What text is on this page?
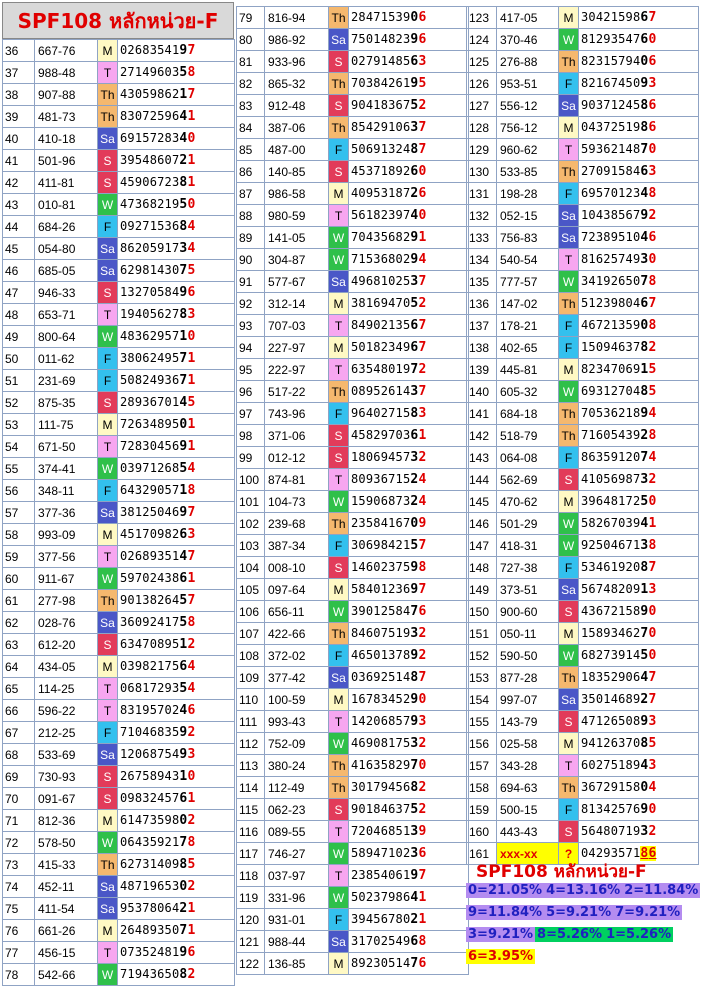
SPF108 หลักหน่วย-F
36	667-76	M	0268354197
37	988-48	T	2714960358
38	907-88	Th	4305986217
39	481-73	Th	8307259641
40	410-18	Sa	6915728340
41	501-96	S	3954860721
42	411-81	S	4590672381
43	010-81	W	4736821950
44	684-26	F	0927153684
45	054-80	Sa	8620591734
46	685-05	Sa	6298143075
47	946-33	S	1327058496
48	653-71	T	1940562783
49	800-64	W	4836295710
50	011-62	F	3806249571
51	231-69	F	5082493671
52	875-35	S	2893670145
53	111-75	M	7263489501
54	671-50	T	7283045691
55	374-41	W	0397126854
56	348-11	F	6432905718
57	377-36	Sa	3812504697
58	993-09	M	4517098263
59	377-56	T	0268935147
60	911-67	W	5970243861
61	277-98	Th	9013826457
62	028-76	Sa	3609241758
63	612-20	S	6347089512
64	434-05	M	0398217564
65	114-25	T	0681729354
66	596-22	T	8319570246
67	212-25	F	7104683592
68	533-69	Sa	1206875493
69	730-93	S	2675894310
70	091-67	S	0983245761
71	812-36	M	6147359802
72	578-50	W	0643592178
73	415-33	Th	6273140985
74	452-11	Sa	4871965302
75	411-54	Sa	9537806421
76	661-26	M	2648935071
77	456-15	T	0735248196
78	542-66	W	7194365082
79	816-94	Th	2847153906
80	986-92	Sa	7501482396
81	933-96	S	0279148563
82	865-32	Th	7038426195
83	912-48	S	9041836752
84	387-06	Th	8542910637
85	487-00	F	5069132487
86	140-85	S	4537189260
87	986-58	M	4095318726
88	980-59	T	5618239740
89	141-05	W	7043568291
90	304-87	W	7153680294
91	577-67	Sa	4968102537
92	312-14	M	3816947052
93	707-03	T	8490213567
94	227-97	M	5018234967
95	222-97	T	6354801972
96	517-22	Th	0895261437
97	743-96	F	9640271583
98	371-06	S	4582970361
99	012-12	S	1806945732
100	874-81	T	8093671524
101	104-73	W	1590687324
102	239-68	Th	2358416709
103	387-34	F	3069842157
104	008-10	S	1460237598
105	097-64	M	5840123697
106	656-11	W	3901258476
107	422-66	Th	8460751932
108	372-02	F	4650137892
109	377-42	Sa	0369251487
110	100-59	M	1678345290
111	993-43	T	1420685793
112	752-09	W	4690817532
113	380-24	Th	4163582970
114	112-49	Th	3017945682
115	062-23	S	9018463752
116	089-55	T	7204685139
117	746-27	W	5894710236
118	037-97	T	2385406197
119	331-96	W	5023798641
120	931-01	F	3945678021
121	988-44	Sa	3170254968
122	136-85	M	8923051476
123	417-05	M	3042159867
124	370-46	W	8129354760
125	276-88	Th	8231579406
126	953-51	F	8216745093
127	556-12	Sa	9037124586
128	756-12	M	0437251986
129	960-62	T	5936214870
130	533-85	Th	2709158463
131	198-28	F	6957012348
132	052-15	Sa	1043856792
133	756-83	Sa	7238951046
134	540-54	T	8162574930
135	777-57	W	3419265078
136	147-02	Th	5123980467
137	178-21	F	4672135908
138	402-65	F	1509463782
139	445-81	M	8234706915
140	605-32	W	6931270485
141	684-18	Th	7053621894
142	518-79	Th	7160543928
143	064-08	F	8635912074
144	562-69	S	4105698732
145	470-62	M	3964817250
146	501-29	W	5826703941
147	418-31	W	9250467138
148	727-38	F	5346192087
149	373-51	Sa	5674820913
150	900-60	S	4367215890
151	050-11	M	1589346270
152	590-50	W	6827391450
153	877-28	Th	1835290647
154	997-07	Sa	3501468927
155	143-79	S	4712650893
156	025-58	M	9412637085
157	343-28	T	6027518943
158	694-63	Th	3672915804
159	500-15	F	8134257690
160	443-43	S	5648071932
161	xxx-xx	?	0429357186
SPF108 หลักหน่วย-F
0=21.05% 4=13.16% 2=11.84%
9=11.84% 5=9.21% 7=9.21%
3=9.21% 8=5.26% 1=5.26%
6=3.95%
